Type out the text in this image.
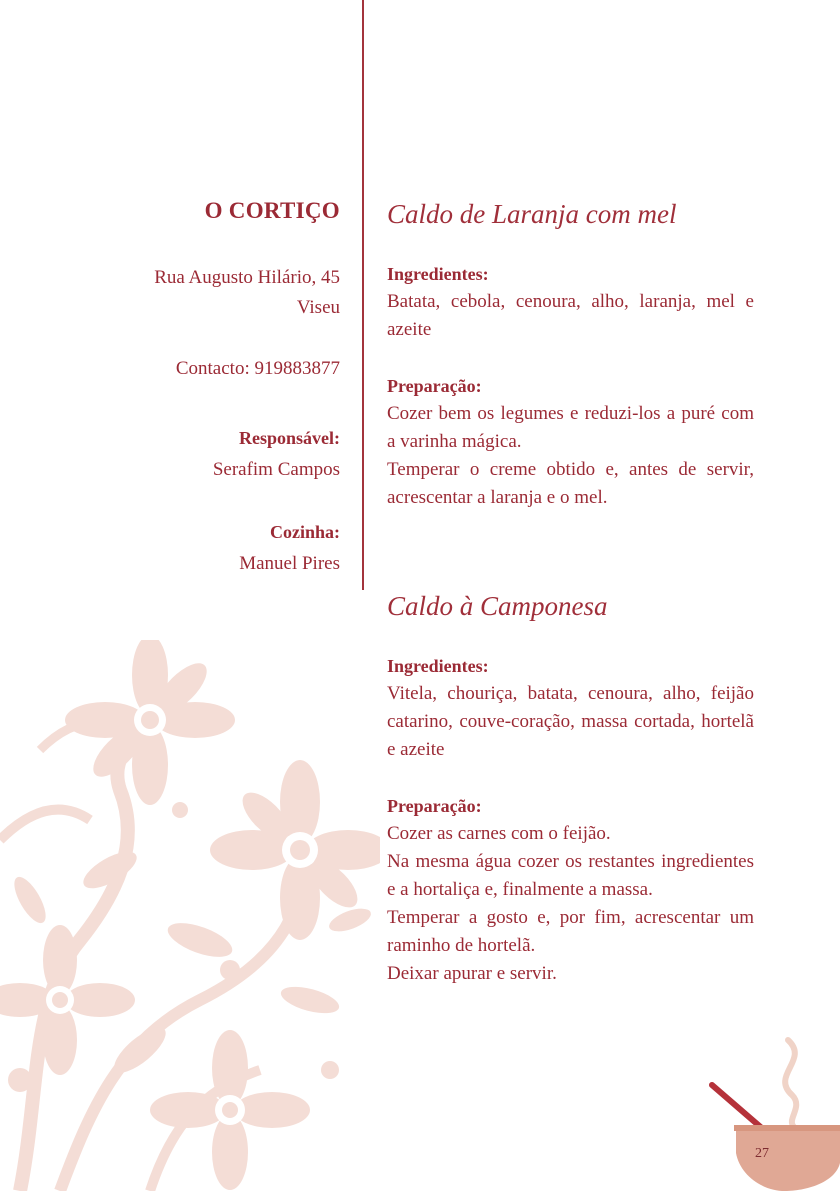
O CORTIÇO
Rua Augusto Hilário, 45
Viseu
Contacto: 919883877
Responsável:
Serafim Campos
Cozinha:
Manuel Pires
Caldo de Laranja com mel
Ingredientes:

Batata, cebola, cenoura, alho, laranja, mel e azeite

Preparação:

Cozer bem os legumes e reduzi-los a puré com a varinha mágica.

Temperar o creme obtido e, antes de servir, acrescentar a laranja e o mel.

Caldo à Camponesa
Ingredientes:

Vitela, chouriça, batata, cenoura, alho, feijão catarino, couve-coração, massa cortada, hortelã e azeite

Preparação:

Cozer as carnes com o feijão.

Na mesma água cozer os restantes ingredientes e a hortaliça e, finalmente a massa.

Temperar a gosto e, por fim, acrescentar um raminho de hortelã.

Deixar apurar e servir.

27
